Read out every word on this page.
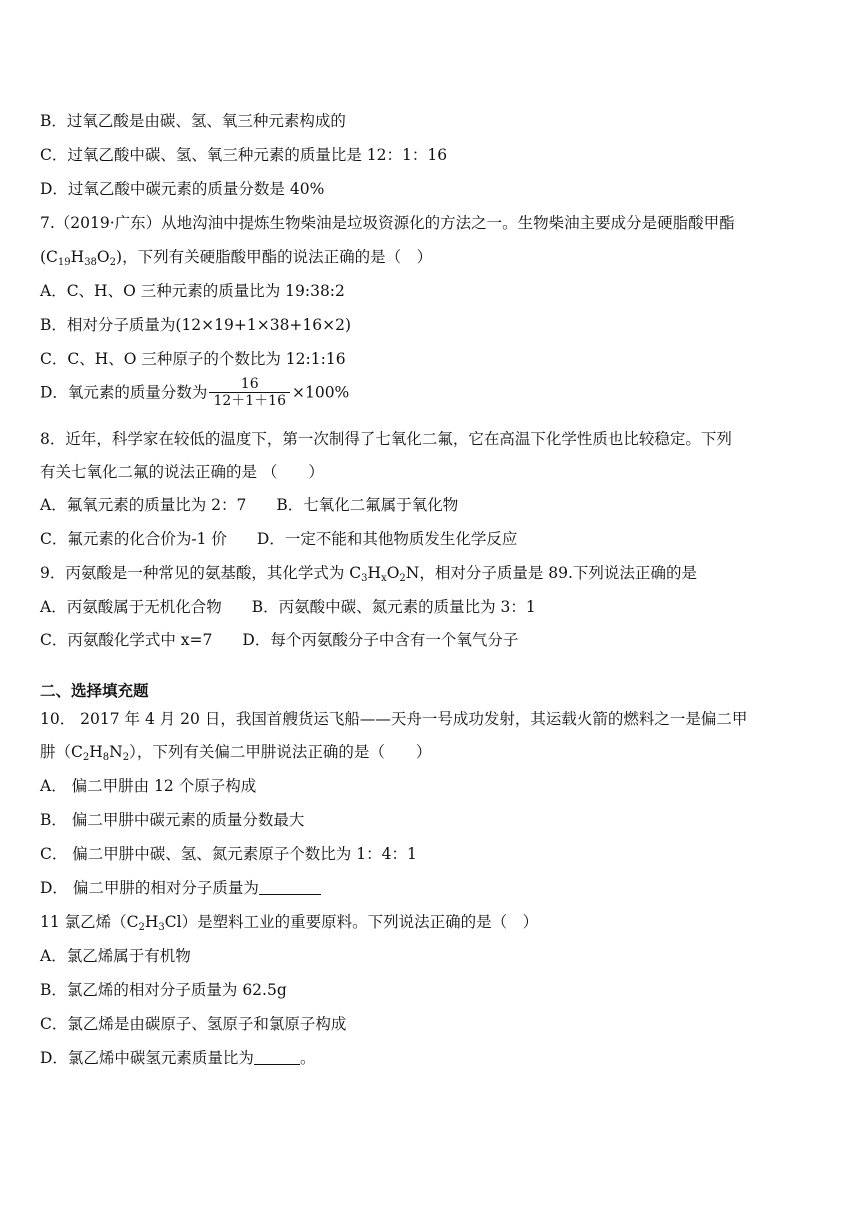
B．过氧乙酸是由碳、氢、氧三种元素构成的
C．过氧乙酸中碳、氢、氧三种元素的质量比是 12：1：16
D．过氧乙酸中碳元素的质量分数是 40%
7.（2019·广东）从地沟油中提炼生物柴油是垃圾资源化的方法之一。生物柴油主要成分是硬脂酸甲酯
$(C_{19}H_{38}O_2)$，下列有关硬脂酸甲酯的说法正确的是（　）
A．C、H、O 三种元素的质量比为 19:38:2
B．相对分子质量为(12×19+1×38+16×2)
C．C、H、O 三种原子的个数比为 12:1:16
D．氧元素的质量分数为 $\frac{16}{12+1+16} \times 100\%$
8．近年，科学家在较低的温度下，第一次制得了七氧化二氟，它在高温下化学性质也比较稳定。下列
有关七氧化二氟的说法正确的是 （　　）
A．氟氧元素的质量比为 2：7 B．七氧化二氟属于氧化物
C．氟元素的化合价为-1 价 D．一定不能和其他物质发生化学反应
9．丙氨酸是一种常见的氨基酸，其化学式为 $C_3H_xO_2N$，相对分子质量是 89.下列说法正确的是
A．丙氨酸属于无机化合物 B．丙氨酸中碳、氮元素的质量比为 3：1
C．丙氨酸化学式中 x=7 D．每个丙氨酸分子中含有一个氧气分子
二、选择填充题
10． 2017 年 4 月 20 日，我国首艘货运飞船——天舟一号成功发射，其运载火箭的燃料之一是偏二甲
肼$(C_2H_8N_2)$，下列有关偏二甲肼说法正确的是（　　）
A． 偏二甲肼由 12 个原子构成
B． 偏二甲肼中碳元素的质量分数最大
C． 偏二甲肼中碳、氢、氮元素原子个数比为 1：4：1
D． 偏二甲肼的相对分子质量为
11 氯乙烯$(C_2H_3Cl)$是塑料工业的重要原料。下列说法正确的是（　）
A．氯乙烯属于有机物
B．氯乙烯的相对分子质量为 62.5g
C．氯乙烯是由碳原子、氢原子和氯原子构成
D．氯乙烯中碳氢元素质量比为	。
